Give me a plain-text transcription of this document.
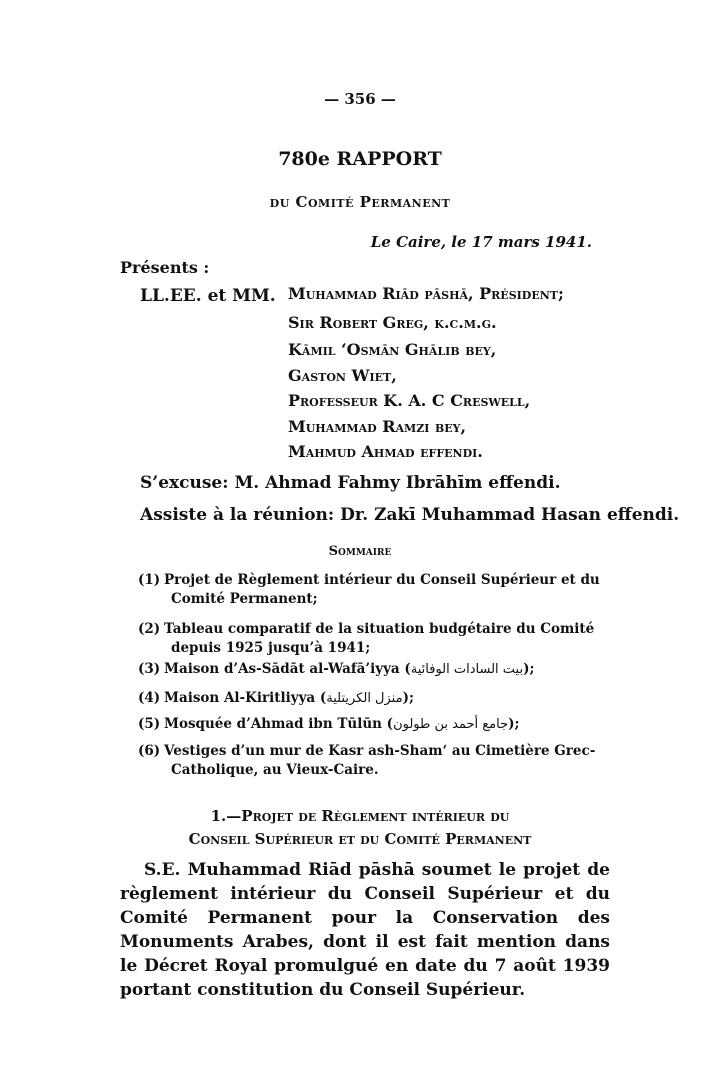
— 356 —
780e RAPPORT
du Comité Permanent
Le Caire, le 17 mars 1941.
Présents :
LL.EE. et MM. Muhammad Riād pāshā, Président;
Sir Robert Greg, k.c.m.g.
Kāmil ‘Osmān Ghālib bey,
Gaston Wiet,
Professeur K. A. C Creswell,
Muhammad Ramzi bey,
Mahmud Ahmad effendi.
S’excuse: M. Ahmad Fahmy Ibrāhīm effendi.
Assiste à la réunion: Dr. Zakī Muhammad Hasan effendi.
Sommaire
(1) Projet de Règlement intérieur du Conseil Supérieur et du
Comité Permanent;
(2) Tableau comparatif de la situation budgétaire du Comité
depuis 1925 jusqu’à 1941;
(3) Maison d’As-Sādāt al-Wafā’iyya (بيت السادات الوفائية);
(4) Maison Al-Kiritliyya (منزل الكريتلية);
(5) Mosquée d’Ahmad ibn Tūlūn (جامع أحمد بن طولون);
(6) Vestiges d’un mur de Kasr ash-Sham‘ au Cimetière Grec-
Catholique, au Vieux-Caire.
1.—Projet de Règlement intérieur du
Conseil Supérieur et du Comité Permanent
S.E. Muhammad Riād pāshā soumet le projet de règlement intérieur du Conseil Supérieur et du Comité Permanent pour la Conservation des Monuments Arabes, dont il est fait mention dans le Décret Royal promulgué en date du 7 août 1939 portant constitution du Conseil Supérieur.
